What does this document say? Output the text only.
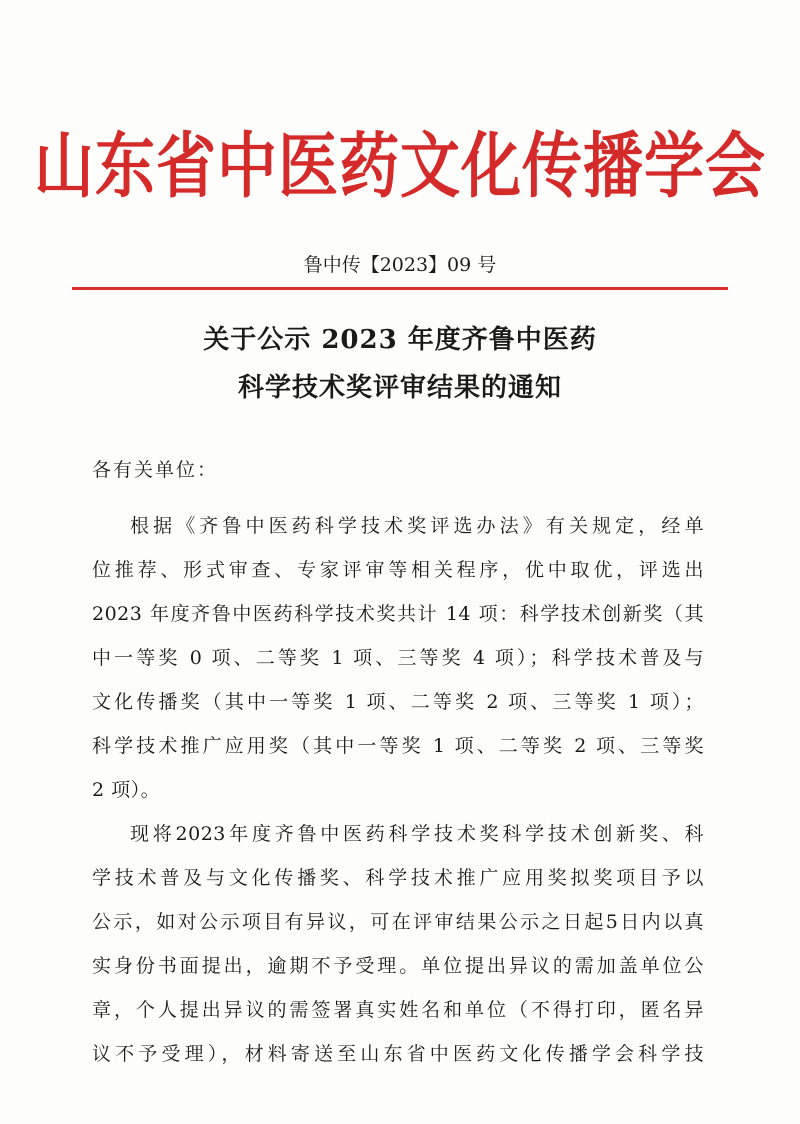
山东省中医药文化传播学会
鲁中传【2023】09 号
关于公示 2023 年度齐鲁中医药
科学技术奖评审结果的通知
各有关单位：
根据《齐鲁中医药科学技术奖评选办法》有关规定，经单
位推荐、形式审查、专家评审等相关程序，优中取优，评选出
2023 年度齐鲁中医药科学技术奖共计 14 项：科学技术创新奖（其
中一等奖 0 项、二等奖 1 项、三等奖 4 项）；科学技术普及与
文化传播奖（其中一等奖 1 项、二等奖 2 项、三等奖 1 项）；
科学技术推广应用奖（其中一等奖 1 项、二等奖 2 项、三等奖
2 项）。
现将2023年度齐鲁中医药科学技术奖科学技术创新奖、科
学技术普及与文化传播奖、科学技术推广应用奖拟奖项目予以
公示，如对公示项目有异议，可在评审结果公示之日起5日内以真
实身份书面提出，逾期不予受理。单位提出异议的需加盖单位公
章，个人提出异议的需签署真实姓名和单位（不得打印，匿名异
议不予受理），材料寄送至山东省中医药文化传播学会科学技
